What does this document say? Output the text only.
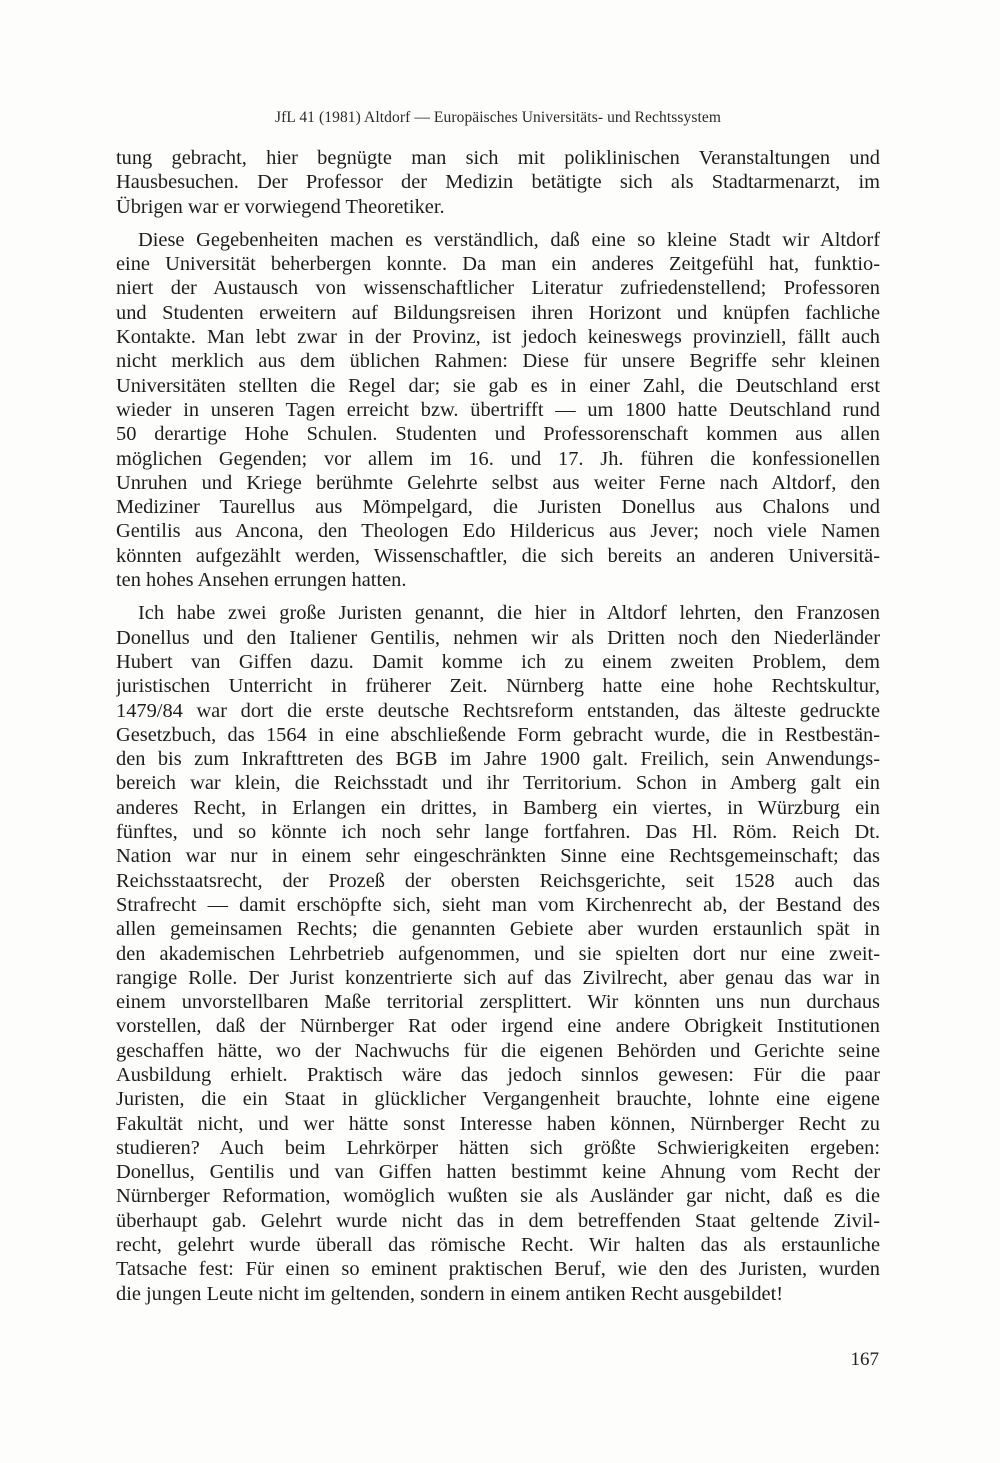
JfL 41 (1981) Altdorf — Europäisches Universitäts- und Rechtssystem
tung gebracht, hier begnügte man sich mit poliklinischen Veranstaltungen und
Hausbesuchen. Der Professor der Medizin betätigte sich als Stadtarmenarzt, im
Übrigen war er vorwiegend Theoretiker.
Diese Gegebenheiten machen es verständlich, daß eine so kleine Stadt wir Altdorf
eine Universität beherbergen konnte. Da man ein anderes Zeitgefühl hat, funktio-
niert der Austausch von wissenschaftlicher Literatur zufriedenstellend; Professoren
und Studenten erweitern auf Bildungsreisen ihren Horizont und knüpfen fachliche
Kontakte. Man lebt zwar in der Provinz, ist jedoch keineswegs provinziell, fällt auch
nicht merklich aus dem üblichen Rahmen: Diese für unsere Begriffe sehr kleinen
Universitäten stellten die Regel dar; sie gab es in einer Zahl, die Deutschland erst
wieder in unseren Tagen erreicht bzw. übertrifft — um 1800 hatte Deutschland rund
50 derartige Hohe Schulen. Studenten und Professorenschaft kommen aus allen
möglichen Gegenden; vor allem im 16. und 17. Jh. führen die konfessionellen
Unruhen und Kriege berühmte Gelehrte selbst aus weiter Ferne nach Altdorf, den
Mediziner Taurellus aus Mömpelgard, die Juristen Donellus aus Chalons und
Gentilis aus Ancona, den Theologen Edo Hildericus aus Jever; noch viele Namen
könnten aufgezählt werden, Wissenschaftler, die sich bereits an anderen Universitä-
ten hohes Ansehen errungen hatten.
Ich habe zwei große Juristen genannt, die hier in Altdorf lehrten, den Franzosen
Donellus und den Italiener Gentilis, nehmen wir als Dritten noch den Niederländer
Hubert van Giffen dazu. Damit komme ich zu einem zweiten Problem, dem
juristischen Unterricht in früherer Zeit. Nürnberg hatte eine hohe Rechtskultur,
1479/84 war dort die erste deutsche Rechtsreform entstanden, das älteste gedruckte
Gesetzbuch, das 1564 in eine abschließende Form gebracht wurde, die in Restbestän-
den bis zum Inkrafttreten des BGB im Jahre 1900 galt. Freilich, sein Anwendungs-
bereich war klein, die Reichsstadt und ihr Territorium. Schon in Amberg galt ein
anderes Recht, in Erlangen ein drittes, in Bamberg ein viertes, in Würzburg ein
fünftes, und so könnte ich noch sehr lange fortfahren. Das Hl. Röm. Reich Dt.
Nation war nur in einem sehr eingeschränkten Sinne eine Rechtsgemeinschaft; das
Reichsstaatsrecht, der Prozeß der obersten Reichsgerichte, seit 1528 auch das
Strafrecht — damit erschöpfte sich, sieht man vom Kirchenrecht ab, der Bestand des
allen gemeinsamen Rechts; die genannten Gebiete aber wurden erstaunlich spät in
den akademischen Lehrbetrieb aufgenommen, und sie spielten dort nur eine zweit-
rangige Rolle. Der Jurist konzentrierte sich auf das Zivilrecht, aber genau das war in
einem unvorstellbaren Maße territorial zersplittert. Wir könnten uns nun durchaus
vorstellen, daß der Nürnberger Rat oder irgend eine andere Obrigkeit Institutionen
geschaffen hätte, wo der Nachwuchs für die eigenen Behörden und Gerichte seine
Ausbildung erhielt. Praktisch wäre das jedoch sinnlos gewesen: Für die paar
Juristen, die ein Staat in glücklicher Vergangenheit brauchte, lohnte eine eigene
Fakultät nicht, und wer hätte sonst Interesse haben können, Nürnberger Recht zu
studieren? Auch beim Lehrkörper hätten sich größte Schwierigkeiten ergeben:
Donellus, Gentilis und van Giffen hatten bestimmt keine Ahnung vom Recht der
Nürnberger Reformation, womöglich wußten sie als Ausländer gar nicht, daß es die
überhaupt gab. Gelehrt wurde nicht das in dem betreffenden Staat geltende Zivil-
recht, gelehrt wurde überall das römische Recht. Wir halten das als erstaunliche
Tatsache fest: Für einen so eminent praktischen Beruf, wie den des Juristen, wurden
die jungen Leute nicht im geltenden, sondern in einem antiken Recht ausgebildet!
167
